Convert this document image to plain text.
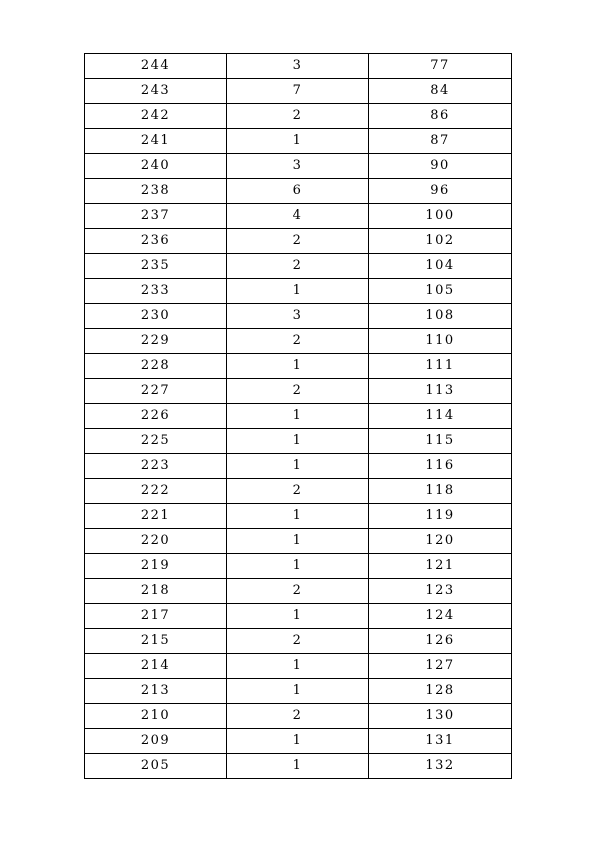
244	3	77
243	7	84
242	2	86
241	1	87
240	3	90
238	6	96
237	4	100
236	2	102
235	2	104
233	1	105
230	3	108
229	2	110
228	1	111
227	2	113
226	1	114
225	1	115
223	1	116
222	2	118
221	1	119
220	1	120
219	1	121
218	2	123
217	1	124
215	2	126
214	1	127
213	1	128
210	2	130
209	1	131
205	1	132
